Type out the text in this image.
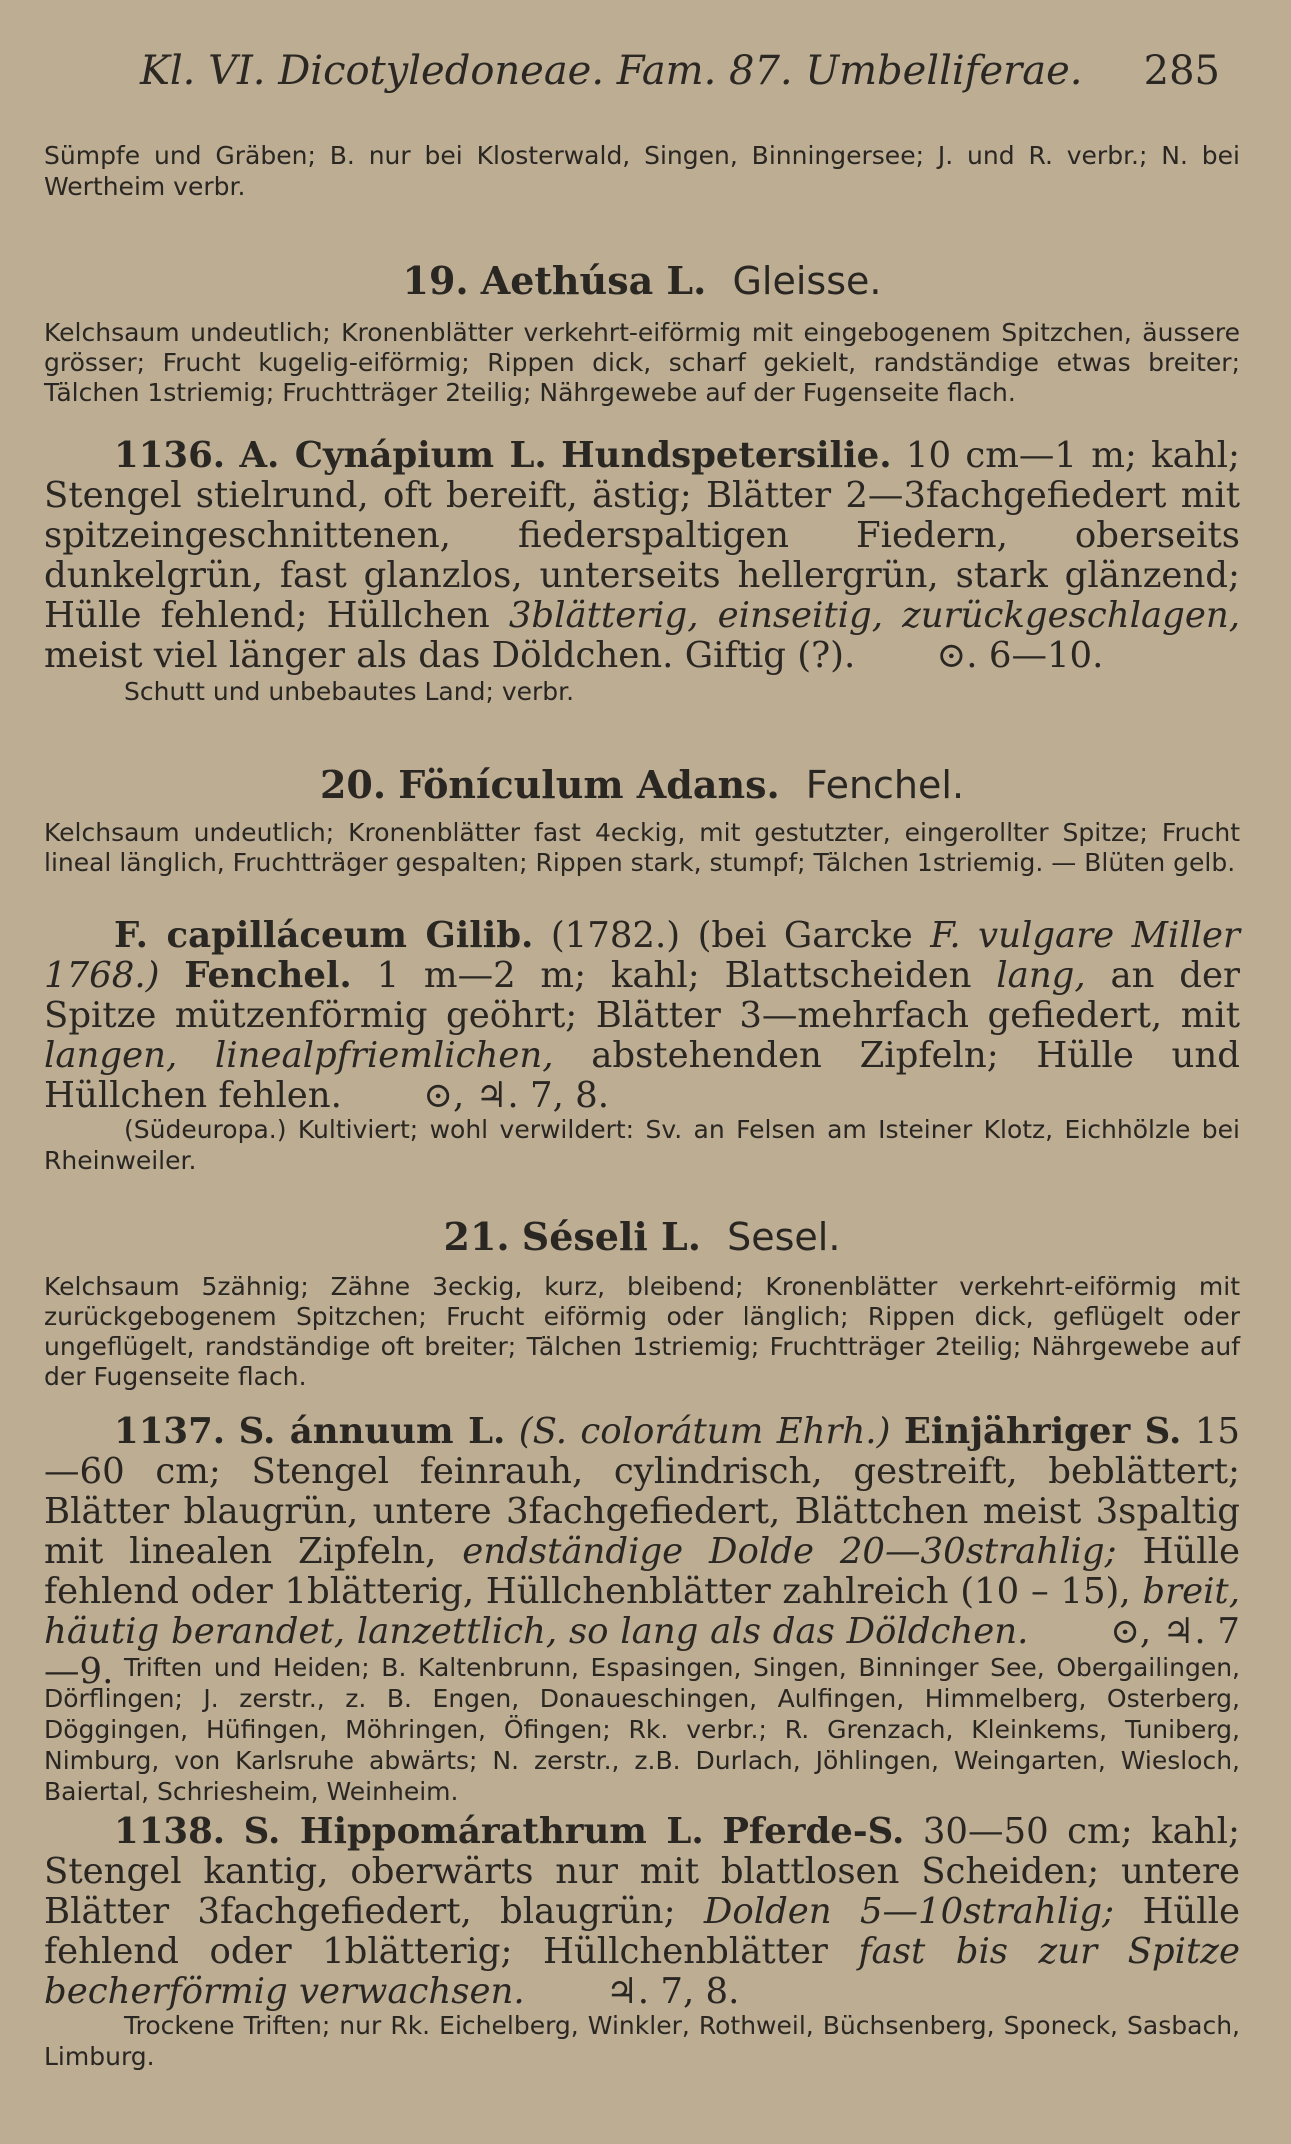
Kl. VI. Dicotyledoneae. Fam. 87. Umbelliferae. 285
Sümpfe und Gräben; B. nur bei Klosterwald, Singen, Binningersee; J. und R. verbr.; N. bei Wertheim verbr.
19. Aethúsa L. Gleisse.
Kelchsaum undeutlich; Kronenblätter verkehrt-eiförmig mit eingebogenem Spitzchen, äussere grösser; Frucht kugelig-eiförmig; Rippen dick, scharf gekielt, randständige etwas breiter; Tälchen 1striemig; Fruchtträger 2teilig; Nährgewebe auf der Fugenseite flach.
1136. A. Cynápium L. Hundspetersilie. 10 cm—1 m; kahl; Stengel stielrund, oft bereift, ästig; Blätter 2—3fachgefiedert mit spitzeingeschnittenen, fiederspaltigen Fiedern, oberseits dunkelgrün, fast glanzlos, unterseits hellergrün, stark glänzend; Hülle fehlend; Hüllchen 3blätterig, einseitig, zurückgeschlagen, meist viel länger als das Döldchen. Giftig (?). ⊙. 6—10.
Schutt und unbebautes Land; verbr.
20. Fönículum Adans. Fenchel.
Kelchsaum undeutlich; Kronenblätter fast 4eckig, mit gestutzter, eingerollter Spitze; Frucht lineal länglich, Fruchtträger gespalten; Rippen stark, stumpf; Tälchen 1striemig. — Blüten gelb.
F. capilláceum Gilib. (1782.) (bei Garcke F. vulgare Miller 1768.) Fenchel. 1 m—2 m; kahl; Blattscheiden lang, an der Spitze mützenförmig geöhrt; Blätter 3—mehrfach gefiedert, mit langen, linealpfriemlichen, abstehenden Zipfeln; Hülle und Hüllchen fehlen. ⊙, ♃. 7, 8.
(Südeuropa.) Kultiviert; wohl verwildert: Sv. an Felsen am Isteiner Klotz, Eichhölzle bei Rheinweiler.
21. Séseli L. Sesel.
Kelchsaum 5zähnig; Zähne 3eckig, kurz, bleibend; Kronenblätter verkehrt-eiförmig mit zurückgebogenem Spitzchen; Frucht eiförmig oder länglich; Rippen dick, geflügelt oder ungeflügelt, randständige oft breiter; Tälchen 1striemig; Fruchtträger 2teilig; Nährgewebe auf der Fugenseite flach.
1137. S. ánnuum L. (S. colorátum Ehrh.) Einjähriger S. 15—60 cm; Stengel feinrauh, cylindrisch, gestreift, beblättert; Blätter blaugrün, untere 3fachgefiedert, Blättchen meist 3spaltig mit linealen Zipfeln, endständige Dolde 20—30strahlig; Hülle fehlend oder 1blätterig, Hüllchenblätter zahlreich (10 – 15), breit, häutig berandet, lanzettlich, so lang als das Döldchen. ⊙, ♃. 7—9. Triften und Heiden; B. Kaltenbrunn, Espasingen, Singen, Binninger See, Obergailingen, Dörflingen; J. zerstr., z. B. Engen, Donaueschingen, Aulfingen, Himmelberg, Osterberg, Döggingen, Hüfingen, Möhringen, Öfingen; Rk. verbr.; R. Grenzach, Kleinkems, Tuniberg, Nimburg, von Karlsruhe abwärts; N. zerstr., z.B. Durlach, Jöhlingen, Weingarten, Wiesloch, Baiertal, Schriesheim, Weinheim.
1138. S. Hippomárathrum L. Pferde-S. 30—50 cm; kahl; Stengel kantig, oberwärts nur mit blattlosen Scheiden; untere Blätter 3fachgefiedert, blaugrün; Dolden 5—10strahlig; Hülle fehlend oder 1blätterig; Hüllchenblätter fast bis zur Spitze becherförmig verwachsen. ♃. 7, 8.
Trockene Triften; nur Rk. Eichelberg, Winkler, Rothweil, Büchsenberg, Sponeck, Sasbach, Limburg.
